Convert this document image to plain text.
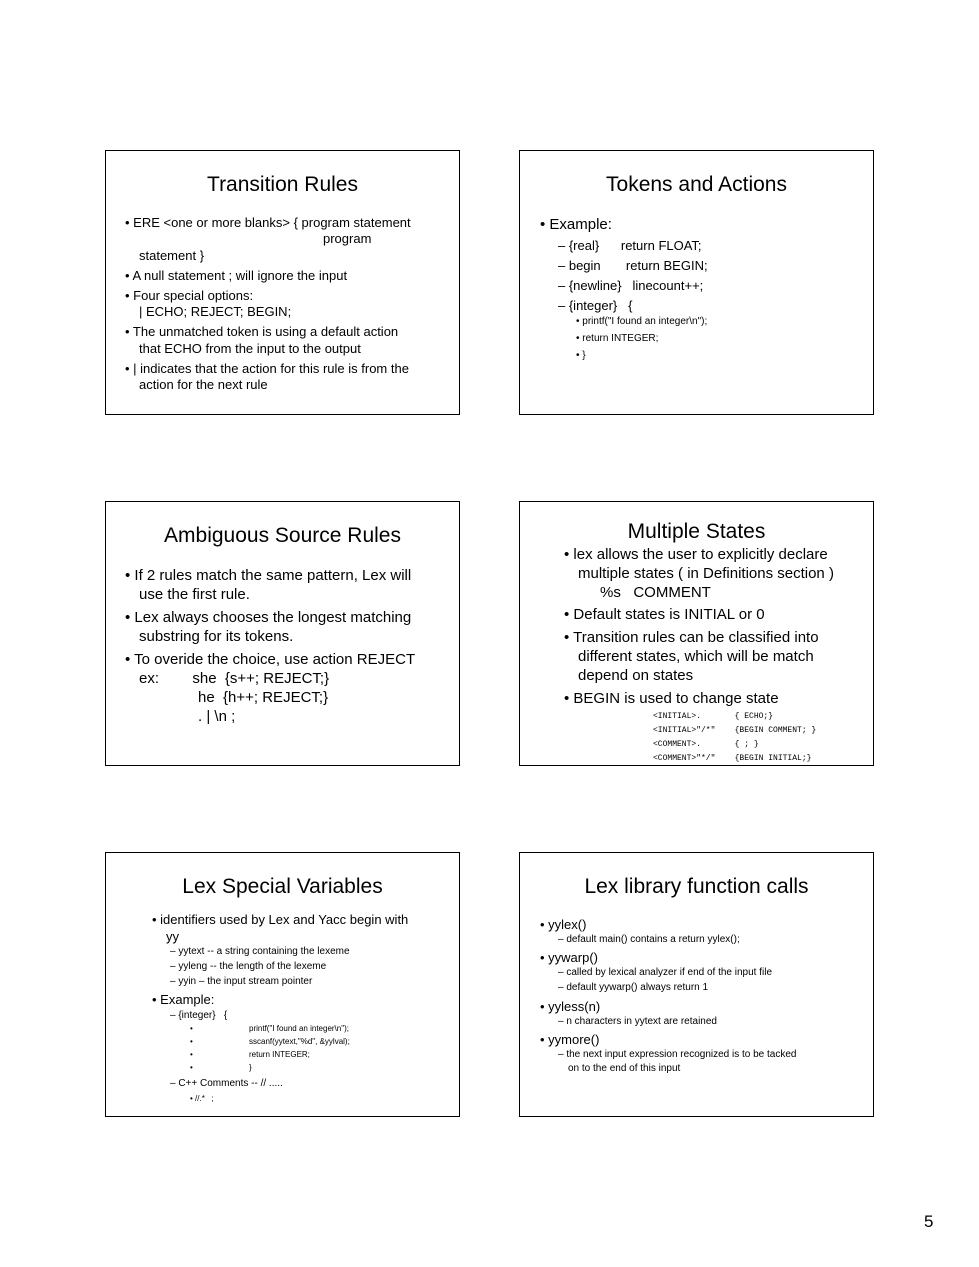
Transition Rules
• ERE <one or more blanks> { program statement
program
statement }
• A null statement ; will ignore the input
• Four special options:
| ECHO; REJECT; BEGIN;
• The unmatched token is using a default action
that ECHO from the input to the output
• | indicates that the action for this rule is from the
action for the next rule
Tokens and Actions
• Example:
– {real}      return FLOAT;
– begin       return BEGIN;
– {newline}   linecount++;
– {integer}   {
• printf("I found an integer\n");
• return INTEGER;
• }
Ambiguous Source Rules
• If 2 rules match the same pattern, Lex will
use the first rule.
• Lex always chooses the longest matching
substring for its tokens.
• To overide the choice, use action REJECT
ex:        she  {s++; REJECT;}
he  {h++; REJECT;}
. | \n ;
Multiple States
• lex allows the user to explicitly declare
multiple states ( in Definitions section )
%s   COMMENT
• Default states is INITIAL or 0
• Transition rules can be classified into
different states, which will be match
depend on states
• BEGIN is used to change state
<INITIAL>.       { ECHO;}
<INITIAL>"/*"    {BEGIN COMMENT; }
<COMMENT>.       { ; }
<COMMENT>"*/"    {BEGIN INITIAL;}
Lex Special Variables
• identifiers used by Lex and Yacc begin with
yy
– yytext -- a string containing the lexeme
– yyleng -- the length of the lexeme
– yyin – the input stream pointer
• Example:
– {integer}   {
•	printf("I found an integer\n");
•	sscanf(yytext,"%d", &yylval);
•	return INTEGER;
•	}
– C++ Comments -- // .....
• //.*   ;
Lex library function calls
• yylex()
– default main() contains a return yylex();
• yywarp()
– called by lexical analyzer if end of the input file
– default yywarp() always return 1
• yyless(n)
– n characters in yytext are retained
• yymore()
– the next input expression recognized is to be tacked
on to the end of this input
5
